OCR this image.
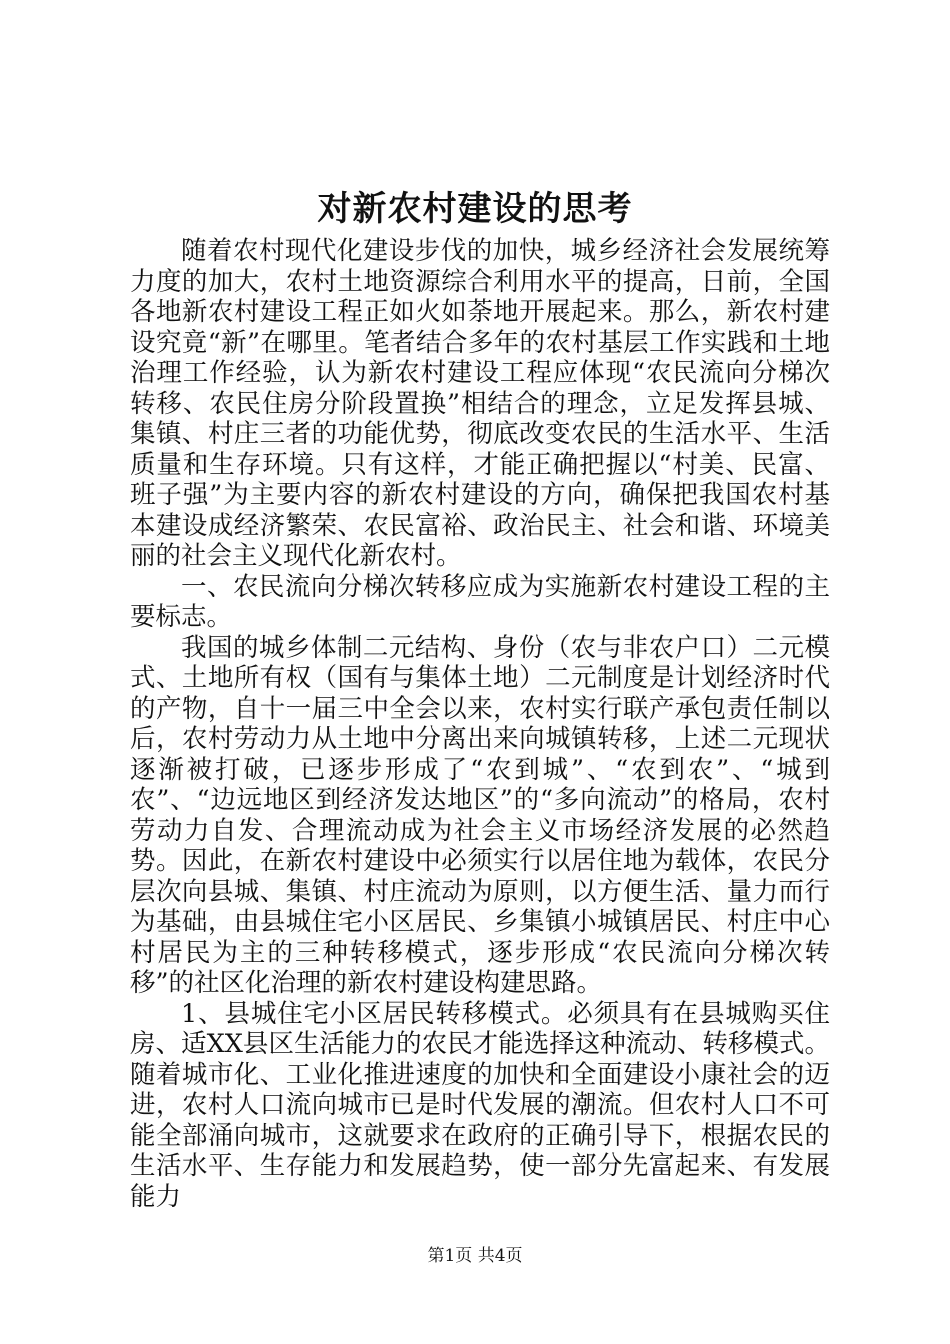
对新农村建设的思考

随着农村现代化建设步伐的加快，城乡经济社会发展统筹力度的加大，农村土地资源综合利用水平的提高，日前，全国各地新农村建设工程正如火如荼地开展起来。那么，新农村建设究竟“新”在哪里。笔者结合多年的农村基层工作实践和土地治理工作经验，认为新农村建设工程应体现“农民流向分梯次转移、农民住房分阶段置换”相结合的理念，立足发挥县城、集镇、村庄三者的功能优势，彻底改变农民的生活水平、生活质量和生存环境。只有这样，才能正确把握以“村美、民富、班子强”为主要内容的新农村建设的方向，确保把我国农村基本建设成经济繁荣、农民富裕、政治民主、社会和谐、环境美丽的社会主义现代化新农村。

一、农民流向分梯次转移应成为实施新农村建设工程的主要标志。

我国的城乡体制二元结构、身份（农与非农户口）二元模式、土地所有权（国有与集体土地）二元制度是计划经济时代的产物，自十一届三中全会以来，农村实行联产承包责任制以后，农村劳动力从土地中分离出来向城镇转移，上述二元现状逐渐被打破，已逐步形成了“农到城”、“农到农”、“城到农”、“边远地区到经济发达地区”的“多向流动”的格局，农村劳动力自发、合理流动成为社会主义市场经济发展的必然趋势。因此，在新农村建设中必须实行以居住地为载体，农民分层次向县城、集镇、村庄流动为原则，以方便生活、量力而行为基础，由县城住宅小区居民、乡集镇小城镇居民、村庄中心村居民为主的三种转移模式，逐步形成“农民流向分梯次转移”的社区化治理的新农村建设构建思路。

1、县城住宅小区居民转移模式。必须具有在县城购买住房、适XX县区生活能力的农民才能选择这种流动、转移模式。随着城市化、工业化推进速度的加快和全面建设小康社会的迈进，农村人口流向城市已是时代发展的潮流。但农村人口不可能全部涌向城市，这就要求在政府的正确引导下，根据农民的生活水平、生存能力和发展趋势，使一部分先富起来、有发展能力

第1页 共4页
